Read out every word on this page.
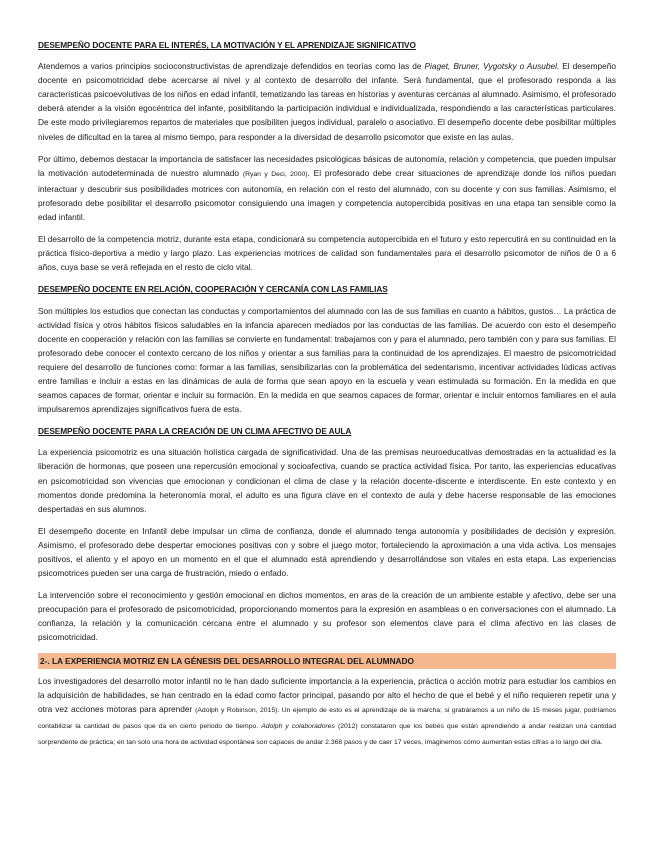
DESEMPEÑO DOCENTE PARA EL INTERÉS, LA MOTIVACIÓN Y EL APRENDIZAJE SIGNIFICATIVO

Atendemos a varios principios socioconstructivistas de aprendizaje defendidos en teorías como las de Piaget, Bruner, Vygotsky o Ausubel. El desempeño docente en psicomotricidad debe acercarse al nivel y al contexto de desarrollo del infante. Será fundamental, que el profesorado responda a las características psicoevolutivas de los niños en edad infantil, tematizando las tareas en historias y aventuras cercanas al alumnado. Asimismo, el profesorado deberá atender a la visión egocéntrica del infante, posibilitando la participación individual e individualizada, respondiendo a las características particulares. De este modo privilegiaremos repartos de materiales que posibiliten juegos individual, paralelo o asociativo. El desempeño docente debe posibilitar múltiples niveles de dificultad en la tarea al mismo tiempo, para responder a la diversidad de desarrollo psicomotor que existe en las aulas.

Por último, debemos destacar la importancia de satisfacer las necesidades psicológicas básicas de autonomía, relación y competencia, que pueden impulsar la motivación autodeterminada de nuestro alumnado (Ryan y Deci, 2000). El profesorado debe crear situaciones de aprendizaje donde los niños puedan interactuar y descubrir sus posibilidades motrices con autonomía, en relación con el resto del alumnado, con su docente y con sus familias. Asimismo, el profesorado debe posibilitar el desarrollo psicomotor consiguiendo una imagen y competencia autopercibida positivas en una etapa tan sensible como la edad infantil.

El desarrollo de la competencia motriz, durante esta etapa, condicionará su competencia autopercibida en el futuro y esto repercutirá en su continuidad en la práctica físico-deportiva a medio y largo plazo. Las experiencias motrices de calidad son fundamentales para el desarrollo psicomotor de niños de 0 a 6 años, cuya base se verá reflejada en el resto de ciclo vital.

DESEMPEÑO DOCENTE EN RELACIÓN, COOPERACIÓN Y CERCANÍA CON LAS FAMILIAS

Son múltiples los estudios que conectan las conductas y comportamientos del alumnado con las de sus familias en cuanto a hábitos, gustos… La práctica de actividad física y otros hábitos físicos saludables en la infancia aparecen mediados por las conductas de las familias. De acuerdo con esto el desempeño docente en cooperación y relación con las familias se convierte en fundamental: trabajamos con y para el alumnado, pero también con y para sus familias. El profesorado debe conocer el contexto cercano de los niños y orientar a sus familias para la continuidad de los aprendizajes. El maestro de psicomotricidad requiere del desarrollo de funciones como: formar a las familias, sensibilizarlas con la problemática del sedentarismo, incentivar actividades lúdicas activas entre familias e incluir a estas en las dinámicas de aula de forma que sean apoyo en la escuela y vean estimulada su formación. En la medida en que seamos capaces de formar, orientar e incluir su formación. En la medida en que seamos capaces de formar, orientar e incluir entornos familiares en el aula impulsaremos aprendizajes significativos fuera de esta.

DESEMPEÑO DOCENTE PARA LA CREACIÓN DE UN CLIMA AFECTIVO DE AULA

La experiencia psicomotriz es una situación holística cargada de significatividad. Una de las premisas neuroeducativas demostradas en la actualidad es la liberación de hormonas, que poseen una repercusión emocional y socioafectiva, cuando se practica actividad física. Por tanto, las experiencias educativas en psicomotricidad son vivencias que emocionan y condicionan el clima de clase y la relación docente-discente e interdiscente. En este contexto y en momentos donde predomina la heteronomía moral, el adulto es una figura clave en el contexto de aula y debe hacerse responsable de las emociones despertadas en sus alumnos.

El desempeño docente en Infantil debe impulsar un clima de confianza, donde el alumnado tenga autonomía y posibilidades de decisión y expresión. Asimismo, el profesorado debe despertar emociones positivas con y sobre el juego motor, fortaleciendo la aproximación a una vida activa. Los mensajes positivos, el aliento y el apoyo en un momento en el que el alumnado está aprendiendo y desarrollándose son vitales en esta etapa. Las experiencias psicomotrices pueden ser una carga de frustración, miedo o enfado.

La intervención sobre el reconocimiento y gestión emocional en dichos momentos, en aras de la creación de un ambiente estable y afectivo, debe ser una preocupación para el profesorado de psicomotricidad, proporcionando momentos para la expresión en asambleas o en conversaciones con el alumnado. La confianza, la relación y la comunicación cercana entre el alumnado y su profesor son elementos clave para el clima afectivo en las clases de psicomotricidad.

2-. LA EXPERIENCIA MOTRIZ EN LA GÉNESIS DEL DESARROLLO INTEGRAL DEL ALUMNADO

Los investigadores del desarrollo motor infantil no le han dado suficiente importancia a la experiencia, práctica o acción motriz para estudiar los cambios en la adquisición de habilidades, se han centrado en la edad como factor principal, pasando por alto el hecho de que el bebé y el niño requieren repetir una y otra vez acciones motoras para aprender (Adolph y Robinson, 2015). Un ejemplo de esto es el aprendizaje de la marcha; si grabáramos a un niño de 15 meses jugar, podríamos contabilizar la cantidad de pasos que da en cierto periodo de tiempo. Adolph y colaboradores (2012) constataron que los bebés que están aprendiendo a andar realizan una cantidad sorprendente de práctica; en tan solo una hora de actividad espontánea son capaces de andar 2.368 pasos y de caer 17 veces, imaginemos cómo aumentan estas cifras a lo largo del día.
